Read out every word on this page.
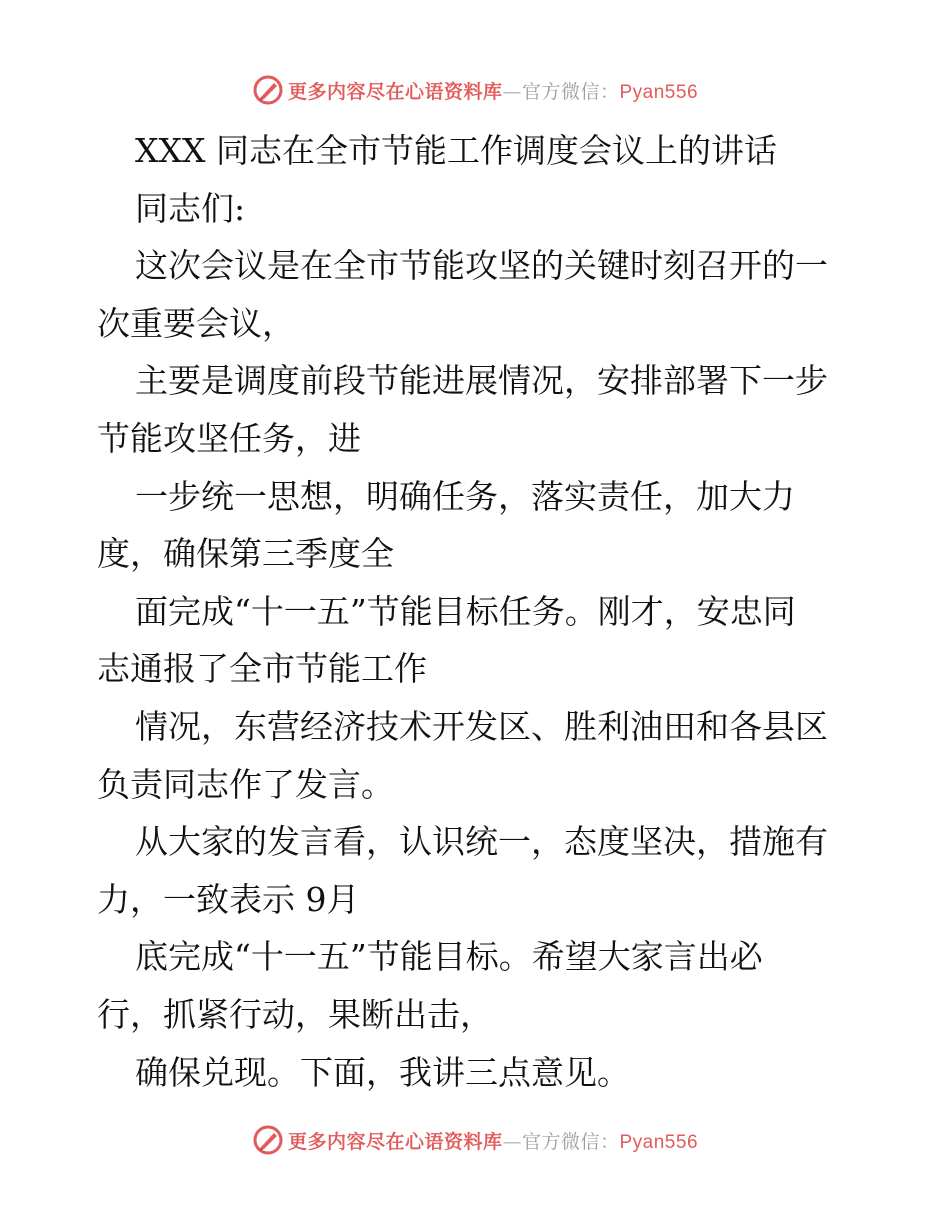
更多内容尽在心语资料库—官方微信：Pyan556
XXX 同志在全市节能工作调度会议上的讲话
同志们:
这次会议是在全市节能攻坚的关键时刻召开的一
次重要会议，
主要是调度前段节能进展情况，安排部署下一步
节能攻坚任务，进
一步统一思想，明确任务，落实责任，加大力
度，确保第三季度全
面完成“十一五”节能目标任务。刚才，安忠同
志通报了全市节能工作
情况，东营经济技术开发区、胜利油田和各县区
负责同志作了发言。
从大家的发言看，认识统一，态度坚决，措施有
力，一致表示 9月
底完成“十一五”节能目标。希望大家言出必
行，抓紧行动，果断出击，
确保兑现。下面，我讲三点意见。
更多内容尽在心语资料库—官方微信：Pyan556
